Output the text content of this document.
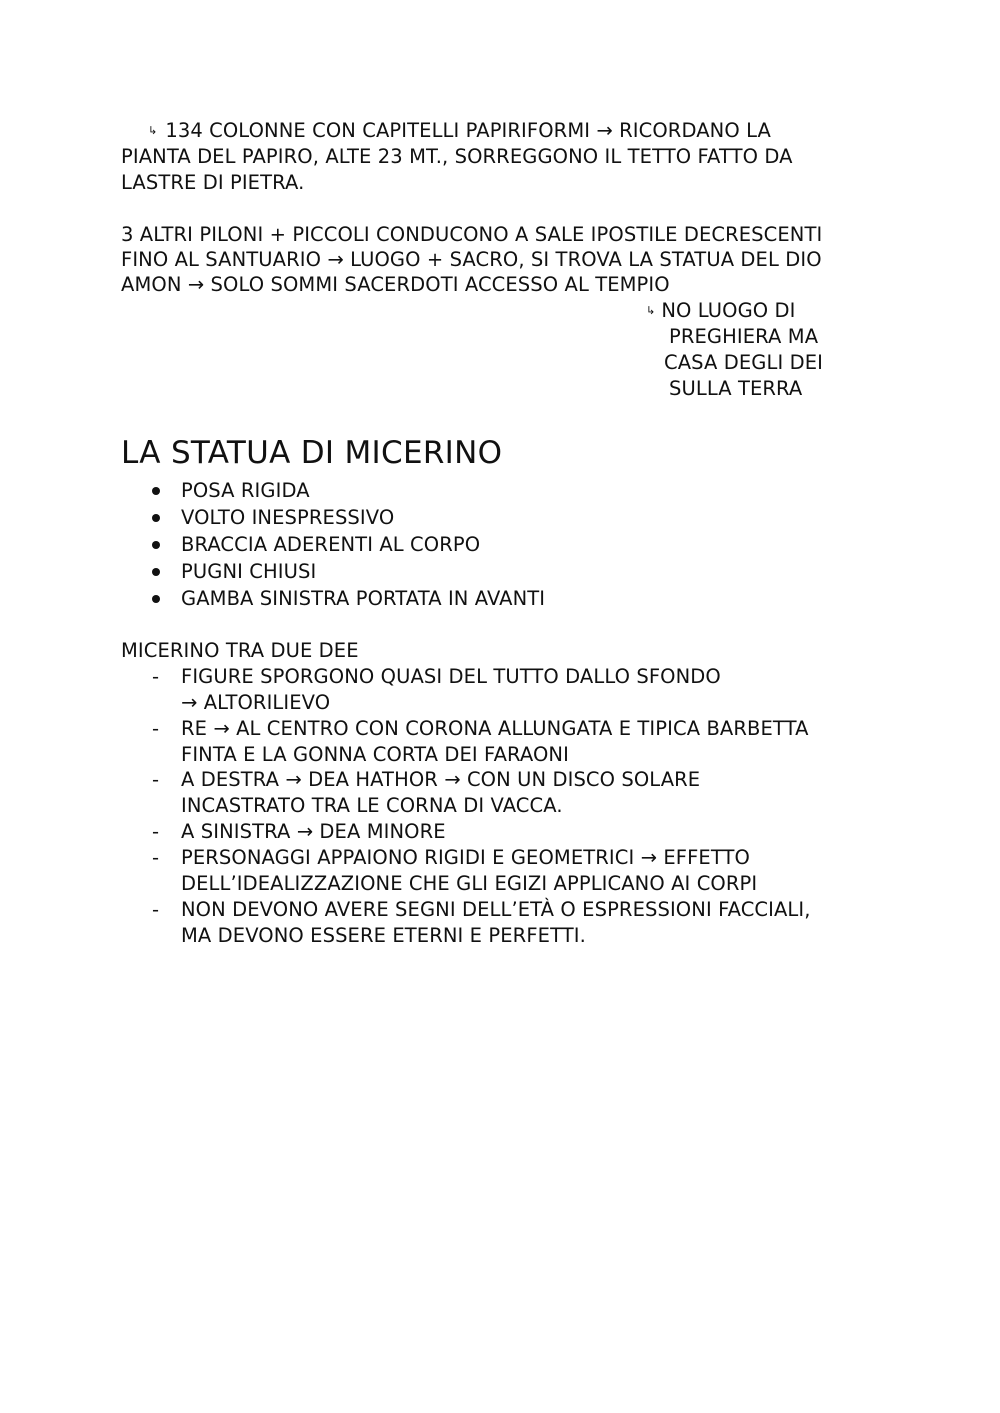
↳ 134 COLONNE CON CAPITELLI PAPIRIFORMI → RICORDANO LA
PIANTA DEL PAPIRO, ALTE 23 MT., SORREGGONO IL TETTO FATTO DA
LASTRE DI PIETRA.
3 ALTRI PILONI + PICCOLI CONDUCONO A SALE IPOSTILE DECRESCENTI
FINO AL SANTUARIO → LUOGO + SACRO, SI TROVA LA STATUA DEL DIO
AMON → SOLO SOMMI SACERDOTI ACCESSO AL TEMPIO
↳ NO LUOGO DI
PREGHIERA MA
CASA DEGLI DEI
SULLA TERRA
LA STATUA DI MICERINO
POSA RIGIDA
VOLTO INESPRESSIVO
BRACCIA ADERENTI AL CORPO
PUGNI CHIUSI
GAMBA SINISTRA PORTATA IN AVANTI
MICERINO TRA DUE DEE
- FIGURE SPORGONO QUASI DEL TUTTO DALLO SFONDO
→ ALTORILIEVO
- RE → AL CENTRO CON CORONA ALLUNGATA E TIPICA BARBETTA
FINTA E LA GONNA CORTA DEI FARAONI
- A DESTRA → DEA HATHOR → CON UN DISCO SOLARE
INCASTRATO TRA LE CORNA DI VACCA.
- A SINISTRA → DEA MINORE
- PERSONAGGI APPAIONO RIGIDI E GEOMETRICI → EFFETTO
DELL’IDEALIZZAZIONE CHE GLI EGIZI APPLICANO AI CORPI
- NON DEVONO AVERE SEGNI DELL’ETÀ O ESPRESSIONI FACCIALI,
MA DEVONO ESSERE ETERNI E PERFETTI.
